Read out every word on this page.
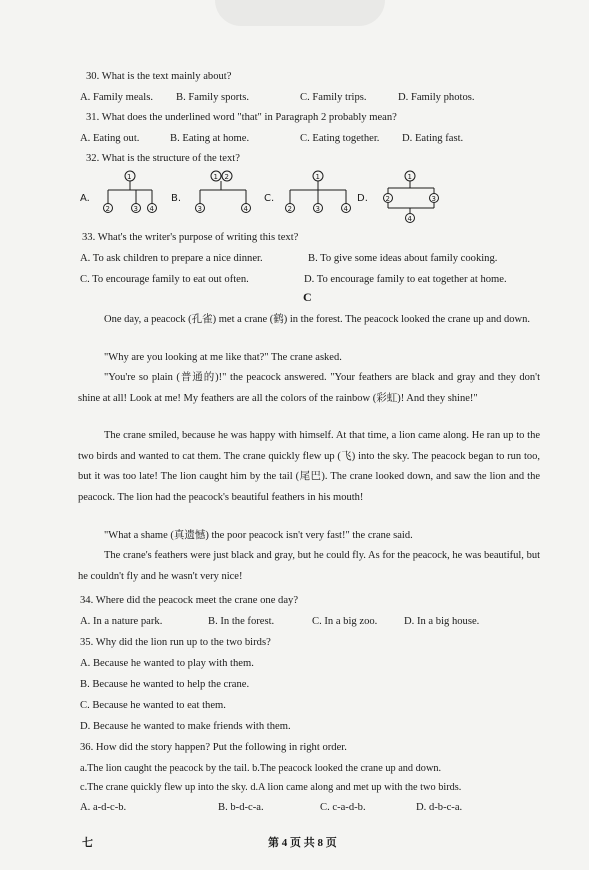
30. What is the text mainly about?
A. Family meals. B. Family sports.	C. Family trips.	D. Family photos.
31. What does the underlined word "that" in Paragraph 2 probably mean?
A. Eating out.	B. Eating at home.	C. Eating together. D. Eating fast.
32. What is the structure of the text?
A.
1
2	3 4
B.
1 2
3	4
C.
1
2	3	4
D.
1
2	3
4
33. What's the writer's purpose of writing this text?
A. To ask children to prepare a nice dinner.	B. To give some ideas about family cooking.
C. To encourage family to eat out often.	D. To encourage family to eat together at home.
C
One day, a peacock (孔雀) met a crane (鹤) in the forest. The peacock looked the crane up and down.
"Why are you looking at me like that?" The crane asked.
"You're so plain (普通的)!" the peacock answered. "Your feathers are black and gray and they don't shine at all! Look at me! My feathers are all the colors of the rainbow (彩虹)! And they shine!"
The crane smiled, because he was happy with himself. At that time, a lion came along. He ran up to the two birds and wanted to cat them. The crane quickly flew up (飞) into the sky. The peacock began to run too, but it was too late! The lion caught him by the tail (尾巴). The crane looked down, and saw the lion and the peacock. The lion had the peacock's beautiful feathers in his mouth!
"What a shame (真遗憾) the poor peacock isn't very fast!" the crane said.
The crane's feathers were just black and gray, but he could fly. As for the peacock, he was beautiful, but he couldn't fly and he wasn't very nice!
34. Where did the peacock meet the crane one day?
A. In a nature park.	B. In the forest.	C. In a big zoo.	D. In a big house.
35. Why did the lion run up to the two birds?
A. Because he wanted to play with them.
B. Because he wanted to help the crane.
C. Because he wanted to eat them.
D. Because he wanted to make friends with them.
36. How did the story happen? Put the following in right order.
a.The lion caught the peacock by the tail. b.The peacock looked the crane up and down.
c.The crane quickly flew up into the sky. d.A lion came along and met up with the two birds.
A. a-d-c-b.	B. b-d-c-a.	C. c-a-d-b.	D. d-b-c-a.
七	第 4 页 共 8 页
